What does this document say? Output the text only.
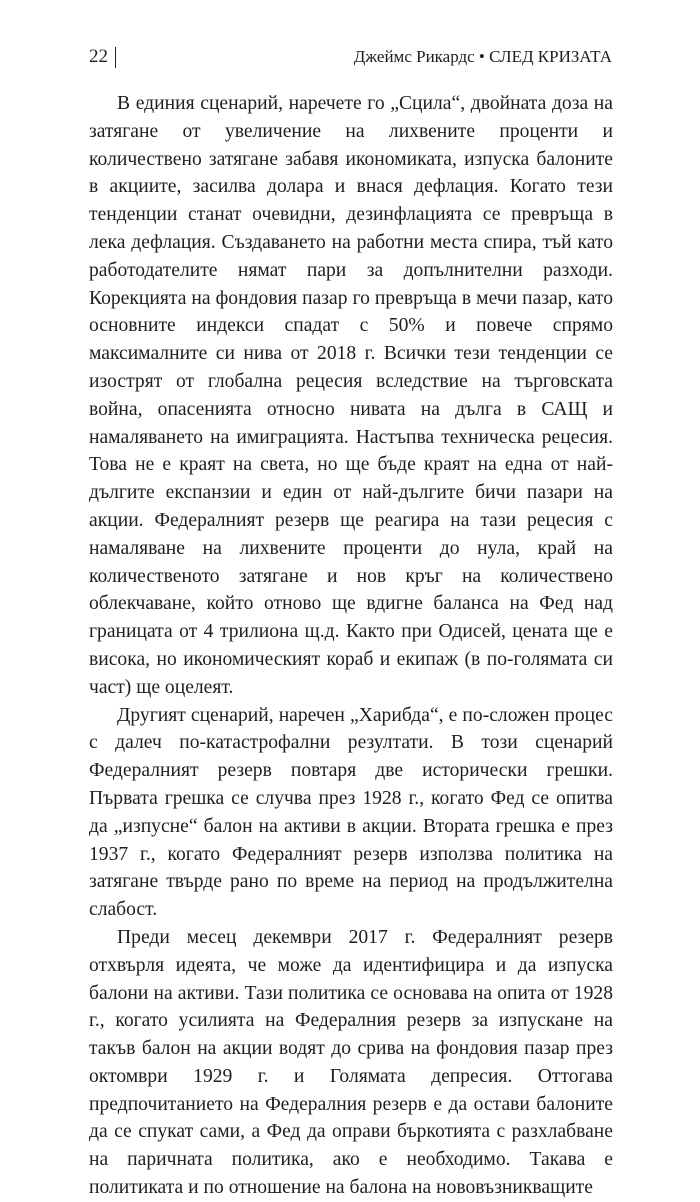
22	Джеймс Рикардс • СЛЕД КРИЗАТА

В единия сценарий, наречете го „Сцила“, двойната доза на затягане от увеличение на лихвените проценти и количествено затягане забавя икономиката, изпуска балоните в акциите, засилва долара и внася дефлация. Когато тези тенденции станат очевидни, дезинфлацията се превръща в лека дефлация. Създаването на работни места спира, тъй като работодателите нямат пари за допълнителни разходи. Корекцията на фондовия пазар го превръща в мечи пазар, като основните индекси спадат с 50% и повече спрямо максималните си нива от 2018 г. Всички тези тенденции се изострят от глобална рецесия вследствие на търговската война, опасенията относно нивата на дълга в САЩ и намаляването на имиграцията. Настъпва техническа рецесия. Това не е краят на света, но ще бъде краят на една от най-дългите експанзии и един от най-дългите бичи пазари на акции. Федералният резерв ще реагира на тази рецесия с намаляване на лихвените проценти до нула, край на количественото затягане и нов кръг на количествено облекчаване, който отново ще вдигне баланса на Фед над границата от 4 трилиона щ.д. Както при Одисей, цената ще е висока, но икономическият кораб и екипаж (в по-голямата си част) ще оцелеят.

Другият сценарий, наречен „Харибда“, е по-сложен процес с далеч по-катастрофални резултати. В този сценарий Федералният резерв повтаря две исторически грешки. Първата грешка се случва през 1928 г., когато Фед се опитва да „изпусне“ балон на активи в акции. Втората грешка е през 1937 г., когато Федералният резерв използва политика на затягане твърде рано по време на период на продължителна слабост.

Преди месец декември 2017 г. Федералният резерв отхвърля идеята, че може да идентифицира и да изпуска балони на активи. Тази политика се основава на опита от 1928 г., когато усилията на Федералния резерв за изпускане на такъв балон на акции водят до срива на фондовия пазар през октомври 1929 г. и Голямата депресия. Оттогава предпочитанието на Федералния резерв е да остави балоните да се спукат сами, а Фед да оправи бъркотията с разхлабване на паричната политика, ако е необходимо. Такава е политиката и по отношение на балона на нововъзникващите
